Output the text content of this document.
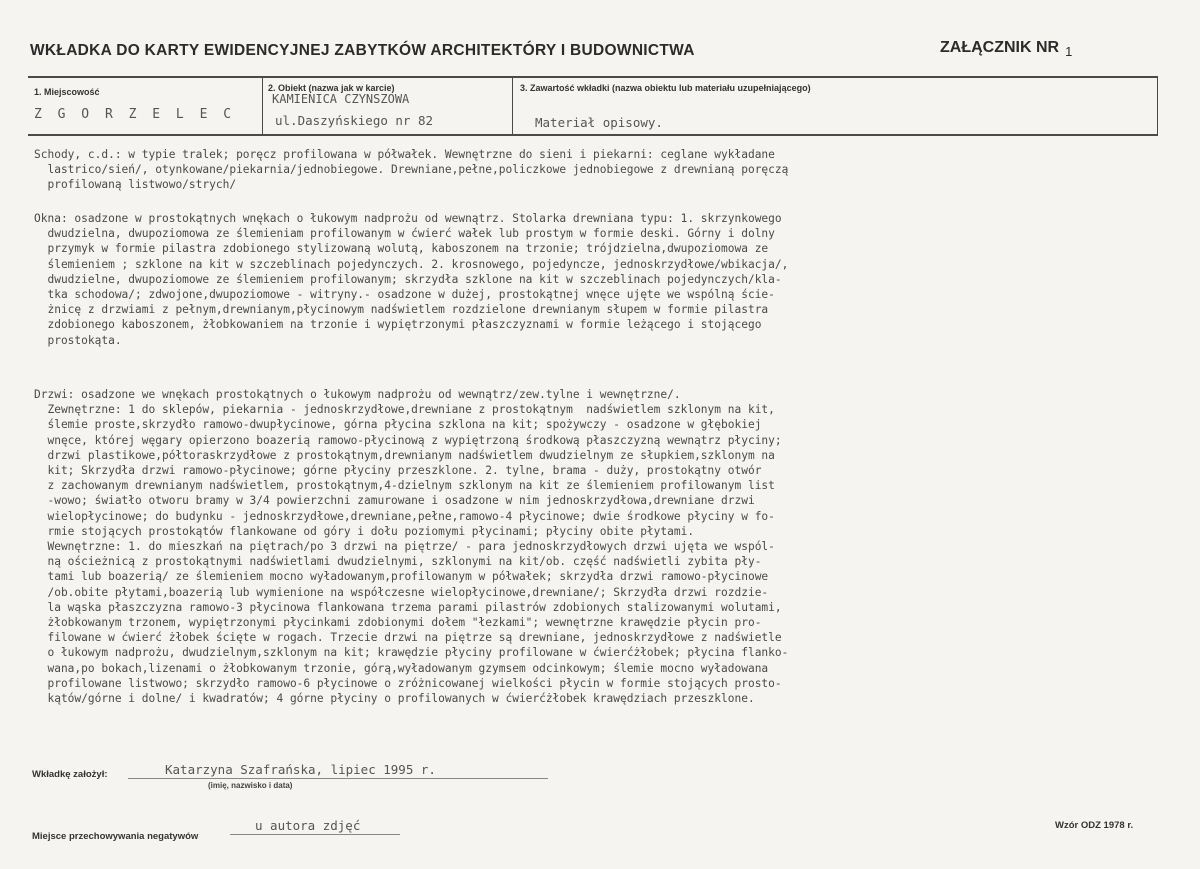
WKŁADKA DO KARTY EWIDENCYJNEJ ZABYTKÓW ARCHITEKTÓRY I BUDOWNICTWA	ZAŁĄCZNIK NR $_1$
1. Miejscowość
Z G O R Z E L E C
2. Obiekt (nazwa jak w karcie)
KAMIENICA CZYNSZOWA
ul.Daszyńskiego nr 82
3. Zawartość wkładki (nazwa obiektu lub materiału uzupełniającego)
Materiał opisowy.
Schody, c.d.: w typie tralek; poręcz profilowana w półwałek. Wewnętrzne do sieni i piekarni: ceglane wykładane
lastrico/sień/, otynkowane/piekarnia/jednobiegowe. Drewniane,pełne,policzkowe jednobiegowe z drewnianą poręczą
profilowaną listwowo/strych/
Okna: osadzone w prostokątnych wnękach o łukowym nadprożu od wewnątrz. Stolarka drewniana typu: 1. skrzynkowego
dwudzielna, dwupoziomowa ze ślemieniam profilowanym w ćwierć wałek lub prostym w formie deski. Górny i dolny
przymyk w formie pilastra zdobionego stylizowaną wolutą, kaboszonem na trzonie; trójdzielna,dwupoziomowa ze
ślemieniem ; szklone na kit w szczeblinach pojedynczych. 2. krosnowego, pojedyncze, jednoskrzydłowe/wbikacja/,
dwudzielne, dwupoziomowe ze ślemieniem profilowanym; skrzydła szklone na kit w szczeblinach pojedynczych/kla-
tka schodowa/; zdwojone,dwupoziomowe - witryny.- osadzone w dużej, prostokątnej wnęce ujęte we wspólną ście-
żnicę z drzwiami z pełnym,drewnianym,płycinowym nadświetlem rozdzielone drewnianym słupem w formie pilastra
zdobionego kaboszonem, żłobkowaniem na trzonie i wypiętrzonymi płaszczyznami w formie leżącego i stojącego
prostokąta.
Drzwi: osadzone we wnękach prostokątnych o łukowym nadprożu od wewnątrz/zew.tylne i wewnętrzne/.
Zewnętrzne: 1 do sklepów, piekarnia - jednoskrzydłowe,drewniane z prostokątnym  nadświetlem szklonym na kit,
ślemie proste,skrzydło ramowo-dwupłycinowe, górna płycina szklona na kit; spożywczy - osadzone w głębokiej
wnęce, której węgary opierzono boazerią ramowo-płycinową z wypiętrzoną środkową płaszczyzną wewnątrz płyciny;
drzwi plastikowe,półtoraskrzydłowe z prostokątnym,drewnianym nadświetlem dwudzielnym ze słupkiem,szklonym na
kit; Skrzydła drzwi ramowo-płycinowe; górne płyciny przeszklone. 2. tylne, brama - duży, prostokątny otwór
z zachowanym drewnianym nadświetlem, prostokątnym,4-dzielnym szklonym na kit ze ślemieniem profilowanym list
-wowo; światło otworu bramy w 3/4 powierzchni zamurowane i osadzone w nim jednoskrzydłowa,drewniane drzwi
wielopłycinowe; do budynku - jednoskrzydłowe,drewniane,pełne,ramowo-4 płycinowe; dwie środkowe płyciny w fo-
rmie stojących prostokątów flankowane od góry i dołu poziomymi płycinami; płyciny obite płytami.
Wewnętrzne: 1. do mieszkań na piętrach/po 3 drzwi na piętrze/ - para jednoskrzydłowych drzwi ujęta we wspól-
ną ościeżnicą z prostokątnymi nadświetlami dwudzielnymi, szklonymi na kit/ob. część nadświetli zybita pły-
tami lub boazerią/ ze ślemieniem mocno wyładowanym,profilowanym w półwałek; skrzydła drzwi ramowo-płycinowe
/ob.obite płytami,boazerią lub wymienione na współczesne wielopłycinowe,drewniane/; Skrzydła drzwi rozdzie-
la wąska płaszczyzna ramowo-3 płycinowa flankowana trzema parami pilastrów zdobionych stalizowanymi wolutami,
żłobkowanym trzonem, wypiętrzonymi płycinkami zdobionymi dołem "łezkami"; wewnętrzne krawędzie płycin pro-
filowane w ćwierć żłobek ścięte w rogach. Trzecie drzwi na piętrze są drewniane, jednoskrzydłowe z nadświetle
o łukowym nadprożu, dwudzielnym,szklonym na kit; krawędzie płyciny profilowane w ćwierćżłobek; płycina flanko-
wana,po bokach,lizenami o żłobkowanym trzonie, górą,wyładowanym gzymsem odcinkowym; ślemie mocno wyładowana
profilowane listwowo; skrzydło ramowo-6 płycinowe o zróżnicowanej wielkości płycin w formie stojących prosto-
kątów/górne i dolne/ i kwadratów; 4 górne płyciny o profilowanych w ćwierćżłobek krawędziach przeszklone.
Wkładkę założył:	Katarzyna Szafrańska, lipiec 1995 r.
(imię, nazwisko i data)
Miejsce przechowywania negatywów
u autora zdjęć	Wzór ODZ 1978 r.
